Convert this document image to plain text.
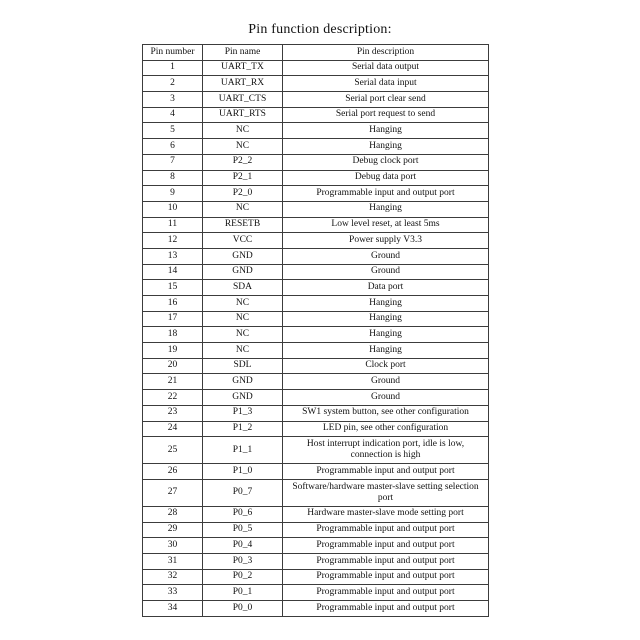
Pin function description:
Pin number	Pin name	Pin description
1	UART_TX	Serial data output
2	UART_RX	Serial data input
3	UART_CTS	Serial port clear send
4	UART_RTS	Serial port request to send
5	NC	Hanging
6	NC	Hanging
7	P2_2	Debug clock port
8	P2_1	Debug data port
9	P2_0	Programmable input and output port
10	NC	Hanging
11	RESETB	Low level reset, at least 5ms
12	VCC	Power supply V3.3
13	GND	Ground
14	GND	Ground
15	SDA	Data port
16	NC	Hanging
17	NC	Hanging
18	NC	Hanging
19	NC	Hanging
20	SDL	Clock port
21	GND	Ground
22	GND	Ground
23	P1_3	SW1 system button, see other configuration
24	P1_2	LED pin, see other configuration
25	P1_1	Host interrupt indication port, idle is low, connection is high
26	P1_0	Programmable input and output port
27	P0_7	Software/hardware master-slave setting selection port
28	P0_6	Hardware master-slave mode setting port
29	P0_5	Programmable input and output port
30	P0_4	Programmable input and output port
31	P0_3	Programmable input and output port
32	P0_2	Programmable input and output port
33	P0_1	Programmable input and output port
34	P0_0	Programmable input and output port
